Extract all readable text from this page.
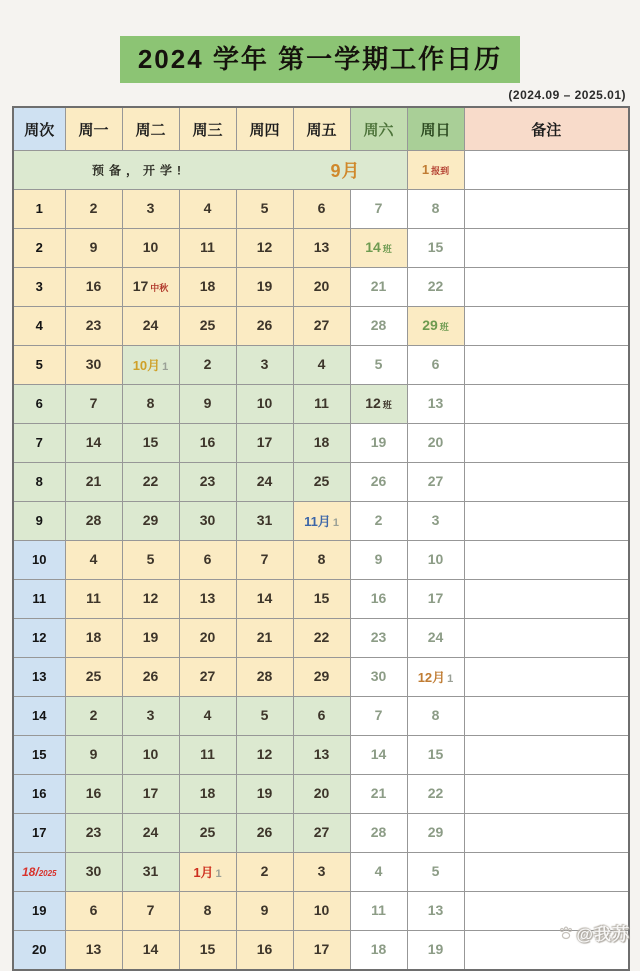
2024 学年 第一学期工作日历
(2024.09 – 2025.01)
周次	周一	周二	周三	周四	周五	周六	周日	备注

预备，开学! 9月							1 报到	
1	2	3	4	5	6	7	8	
2	9	10	11	12	13	14 班	15	
3	16	17 中秋	18	19	20	21	22	
4	23	24	25	26	27	28	29 班	
5	30	10月 1	2	3	4	5	6	
6	7	8	9	10	11	12 班	13	
7	14	15	16	17	18	19	20	
8	21	22	23	24	25	26	27	
9	28	29	30	31	11月 1	2	3	
10	4	5	6	7	8	9	10	
11	11	12	13	14	15	16	17	
12	18	19	20	21	22	23	24	
13	25	26	27	28	29	30	12月 1	
14	2	3	4	5	6	7	8	
15	9	10	11	12	13	14	15	
16	16	17	18	19	20	21	22	
17	23	24	25	26	27	28	29	
18/2025	30	31	1月 1	2	3	4	5	
19	6	7	8	9	10	11	13	
20	13	14	15	16	17	18	19	
@我苏
